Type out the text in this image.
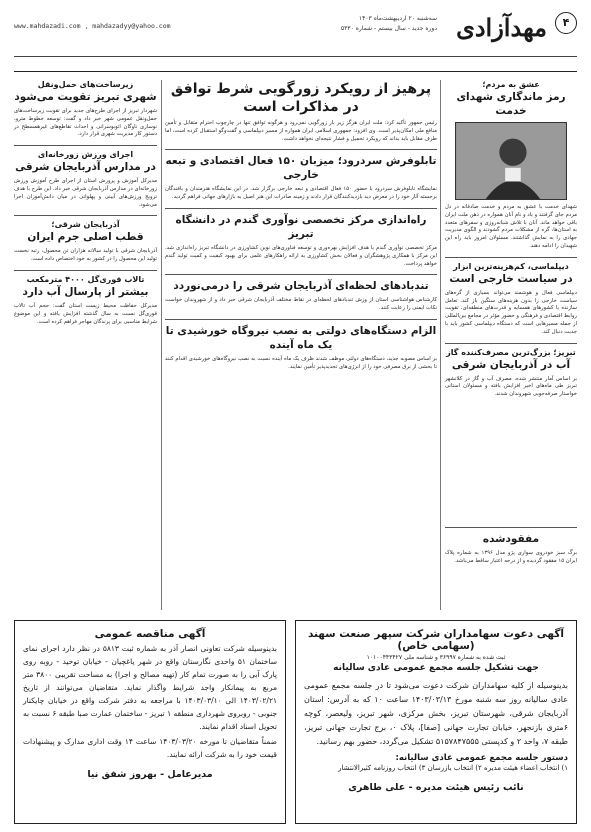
۴
مهدآزادی
سه‌شنبه ۲۰ اردیبهشت‌ماه ۱۴۰۳
دوره جدید - سال بیستم - شماره ۵۳۳۰
www.mahdazadi.com , mahdazadyy@yahoo.com
عشق به مردم؛
رمز ماندگاری شهدای خدمت
شهدای خدمت با عشق به مردم و خدمت صادقانه در دل مردم جای گرفتند و یاد و نام آنان همواره در ذهن ملت ایران باقی خواهد ماند. آنان با تلاش شبانه‌روزی و سفرهای متعدد به استان‌ها، گره از مشکلات مردم گشودند و الگوی مدیریت جهادی را به نمایش گذاشتند. مسئولان امروز باید راه این شهیدان را ادامه دهند.
دیپلماسی، کم‌هزینه‌ترین ابزار
در سیاست خارجی است
دیپلماسی فعال و هوشمند می‌تواند بسیاری از گره‌های سیاست خارجی را بدون هزینه‌های سنگین باز کند. تعامل سازنده با کشورهای همسایه و قدرت‌های منطقه‌ای، تقویت روابط اقتصادی و فرهنگی و حضور مؤثر در مجامع بین‌المللی از جمله مسیرهایی است که دستگاه دیپلماسی کشور باید با جدیت دنبال کند.
تبریز؛ بزرگ‌ترین مصرف‌کننده گاز
آب در آذربایجان شرقی
بر اساس آمار منتشر شده، مصرف آب و گاز در کلانشهر تبریز طی ماه‌های اخیر افزایش یافته و مسئولان استانی خواستار صرفه‌جویی شهروندان شدند.
مفقودشده
برگ سبز خودروی سواری پژو مدل ۱۳۹۶ به شماره پلاک ایران ۱۵ مفقود گردیده و از درجه اعتبار ساقط می‌باشد.
پرهیز از رویکرد زورگویی شرط توافق در مذاکرات است
رئیس جمهور تأکید کرد: ملت ایران هرگز زیر بار زورگویی نمی‌رود و هرگونه توافق تنها در چارچوب احترام متقابل و تأمین منافع ملی امکان‌پذیر است. وی افزود: جمهوری اسلامی ایران همواره از مسیر دیپلماسی و گفت‌وگو استقبال کرده است، اما طرف مقابل باید بداند که رویکرد تحمیل و فشار نتیجه‌ای نخواهد داشت.
تابلوفرش سردرود؛ میزبان ۱۵۰ فعال اقتصادی و تبعه خارجی
نمایشگاه تابلوفرش سردرود با حضور ۱۵۰ فعال اقتصادی و تبعه خارجی برگزار شد. در این نمایشگاه هنرمندان و بافندگان برجسته آثار خود را در معرض دید بازدیدکنندگان قرار دادند و زمینه صادرات این هنر اصیل به بازارهای جهانی فراهم گردید.
راه‌اندازی مرکز تخصصی نوآوری گندم در دانشگاه تبریز
مرکز تخصصی نوآوری گندم با هدف افزایش بهره‌وری و توسعه فناوری‌های نوین کشاورزی در دانشگاه تبریز راه‌اندازی شد. این مرکز با همکاری پژوهشگران و فعالان بخش کشاورزی به ارائه راهکارهای علمی برای بهبود کیفیت و کمیت تولید گندم خواهد پرداخت.
تندبادهای لحظه‌ای آذربایجان شرقی را درمی‌نوردد
کارشناس هواشناسی استان از وزش تندبادهای لحظه‌ای در نقاط مختلف آذربایجان شرقی خبر داد و از شهروندان خواست نکات ایمنی را رعایت کنند.
الزام دستگاه‌های دولتی به نصب نیروگاه خورشیدی تا یک ماه آینده
بر اساس مصوبه جدید، دستگاه‌های دولتی موظف شدند ظرف یک ماه آینده نسبت به نصب نیروگاه‌های خورشیدی اقدام کنند تا بخشی از برق مصرفی خود را از انرژی‌های تجدیدپذیر تأمین نمایند.
زیرساخت‌های حمل‌ونقل
شهری تبریز تقویت می‌شود
شهردار تبریز از اجرای طرح‌های جدید برای تقویت زیرساخت‌های حمل‌ونقل عمومی شهر خبر داد و گفت: توسعه خطوط مترو، نوسازی ناوگان اتوبوسرانی و احداث تقاطع‌های غیرهمسطح در دستور کار مدیریت شهری قرار دارد.
اجرای ورزش زورخانه‌ای
در مدارس آذربایجان شرقی
مدیرکل آموزش و پرورش استان از اجرای طرح آموزش ورزش زورخانه‌ای در مدارس آذربایجان شرقی خبر داد. این طرح با هدف ترویج ورزش‌های آیینی و پهلوانی در میان دانش‌آموزان اجرا می‌شود.
آذربایجان شرقی؛
قطب اصلی جرم ایران
آذربایجان شرقی با تولید سالانه هزاران تن محصول، رتبه نخست تولید این محصول را در کشور به خود اختصاص داده است.
تالاب قوری‌گل ۴۰۰۰ مترمکعب
بیشتر از پارسال آب دارد
مدیرکل حفاظت محیط زیست استان گفت: حجم آب تالاب قوری‌گل نسبت به سال گذشته افزایش یافته و این موضوع شرایط مناسبی برای پرندگان مهاجر فراهم کرده است.
آگهی دعوت سهامداران شرکت سپهر صنعت سهند (سهامی خاص)
ثبت شده به شماره ۳۶۹۹۷ و شناسه ملی ۱۰۱۰۰۴۴۳۴۲۷
جهت تشکیل جلسه مجمع عمومی عادی سالیانه
بدینوسیله از کلیه سهامداران شرکت دعوت می‌شود تا در جلسه مجمع عمومی عادی سالیانه روز سه شنبه مورخ ۱۴۰۳/۰۳/۱۳ ساعت ۱۰ که به آدرس: استان آذربایجان شرقی، شهرستان تبریز، بخش مرکزی، شهر تبریز، ولیعصر، کوچه ۶متری بازنجهر، خیابان تجارت جهانی [صفا]، پلاک ۰، برج تجارت جهانی تبریز، طبقه ۷، واحد ۲ و کدپستی ۵۱۵۷۸۴۷۵۵۵ تشکیل می‌گردد، حضور بهم رسانید.
دستور جلسه مجمع عمومی عادی سالیانه:
۱) انتخاب اعضاء هیئت مدیره ۲) انتخاب بازرسان ۳) انتخاب روزنامه کثیرالانتشار
نائب رئیس هیئت مدیره - علی طاهری
آگهی مناقصه عمومی
بدینوسیله شرکت تعاونی انصار آذر به شماره ثبت ۵۸۱۳ در نظر دارد اجرای نمای ساختمان ۵۱ واحدی نگارستان واقع در شهر یاغچیان - خیابان توحید - روبه روی پارک آبی را به صورت تمام کار (تهیه مصالح و اجرا) به مساحت تقریبی ۳۸۰۰ متر مربع به پیمانکار واجد شرایط واگذار نماید. متقاضیان می‌توانند از تاریخ ۱۴۰۳/۰۲/۲۱ الی ۱۴۰۳/۰۳/۱۰ با مراجعه به دفتر شرکت واقع در خیابان چایکنار جنوبی - روبروی شهرداری منطقه ۱ تبریز - ساختمان عمارت صبا طبقه ۶ نسبت به تحویل اسناد اقدام نمایند.
ضمناً متقاضیان تا مورخه ۱۴۰۳/۰۳/۲۰ ساعت ۱۴ وقت اداری مدارک و پیشنهادات قیمت خود را به شرکت ارائه نمایند.
مدیرعامل - بهروز شفق نیا
